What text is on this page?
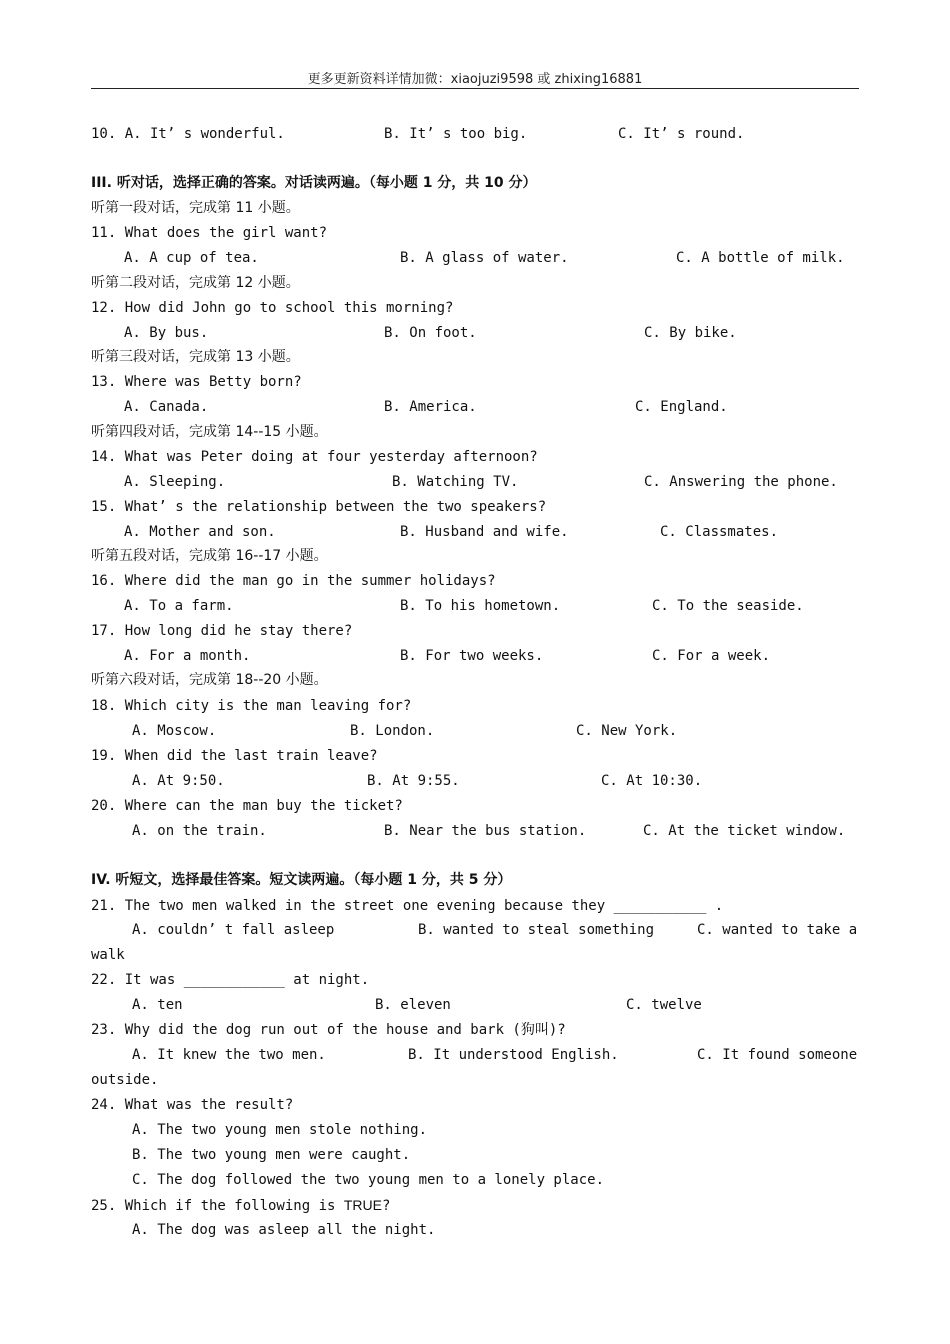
更多更新资料详情加微：xiaojuzi9598 或 zhixing16881
10. A. It’ s wonderful.	B. It’ s too big.	C. It’ s round.
III. 听对话，选择正确的答案。对话读两遍。（每小题 1 分，共 10 分）
听第一段对话，完成第 11 小题。
11. What does the girl want?
A. A cup of tea.	B. A glass of water.	C. A bottle of milk.
听第二段对话，完成第 12 小题。
12. How did John go to school this morning?
A. By bus.	B. On foot.	C. By bike.
听第三段对话，完成第 13 小题。
13. Where was Betty born?
A. Canada.	B. America.	C. England.
听第四段对话，完成第 14--15 小题。
14. What was Peter doing at four yesterday afternoon?
A. Sleeping.	B. Watching TV.	C. Answering the phone.
15. What’ s the relationship between the two speakers?
A. Mother and son.	B. Husband and wife.	C. Classmates.
听第五段对话，完成第 16--17 小题。
16. Where did the man go in the summer holidays?
A. To a farm.	B. To his hometown.	C. To the seaside.
17. How long did he stay there?
A. For a month.	B. For two weeks.	C. For a week.
听第六段对话，完成第 18--20 小题。
18. Which city is the man leaving for?
A. Moscow.	B. London.	C. New York.
19. When did the last train leave?
A. At 9:50.	B. At 9:55.	C. At 10:30.
20. Where can the man buy the ticket?
A. on the train.	B. Near the bus station.	C. At the ticket window.
IV. 听短文，选择最佳答案。短文读两遍。（每小题 1 分，共 5 分）
21. The two men walked in the street one evening because they ___________ .
A. couldn’ t fall asleep	B. wanted to steal something	C. wanted to take a
walk
22. It was ____________ at night.
A. ten	B. eleven	C. twelve
23. Why did the dog run out of the house and bark (狗叫)?
A. It knew the two men.	B. It understood English.	C. It found someone
outside.
24. What was the result?
A. The two young men stole nothing.
B. The two young men were caught.
C. The dog followed the two young men to a lonely place.
25. Which if the following is TRUE?
A. The dog was asleep all the night.
